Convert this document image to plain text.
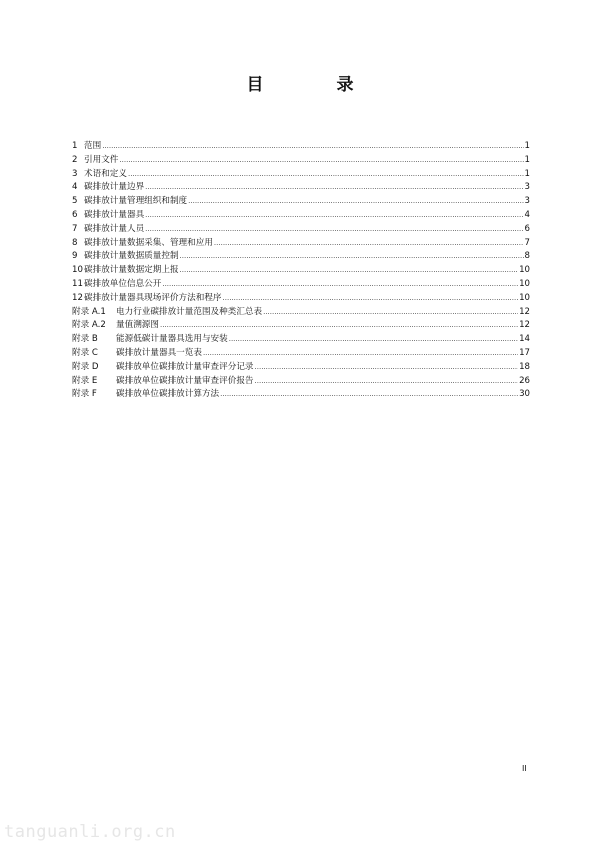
目　录
1 范围 .....	1
2 引用文件 .....	1
3 术语和定义 .....	1
4 碳排放计量边界 .....	3
5 碳排放计量管理组织和制度 .....	3
6 碳排放计量器具 .....	4
7 碳排放计量人员 .....	6
8 碳排放计量数据采集、管理和应用 .....	7
9 碳排放计量数据质量控制 .....	8
10 碳排放计量数据定期上报 .....	10
11 碳排放单位信息公开 .....	10
12 碳排放计量器具现场评价方法和程序 .....	10
附录 A.1	电力行业碳排放计量范围及种类汇总表 .....	12
附录 A.2	量值溯源图 .....	12
附录 B	能源低碳计量器具选用与安装 .....	14
附录 C	碳排放计量器具一览表 .....	17
附录 D	碳排放单位碳排放计量审查评分记录 .....	18
附录 E	碳排放单位碳排放计量审查评价报告 .....	26
附录 F	碳排放单位碳排放计算方法 .....	30
II
tanguanli.org.cn
